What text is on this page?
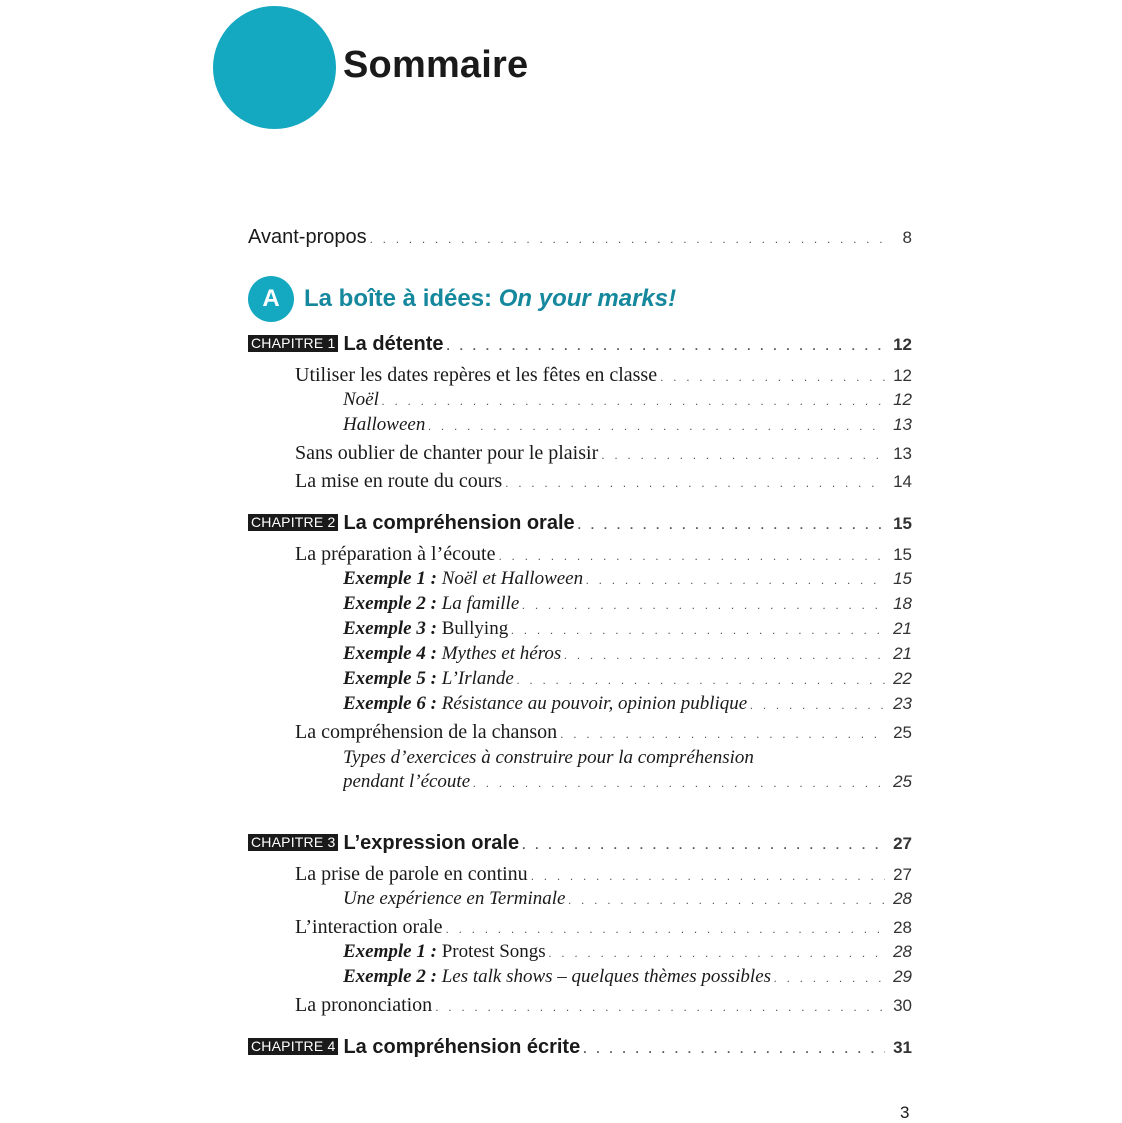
Sommaire
Avant-propos . . .	8
A	La boîte à idées: On your marks!
CHAPITRE 1 La détente . . .	12
Utiliser les dates repères et les fêtes en classe . . .	12
Noël . . .	12
Halloween . . .	13
Sans oublier de chanter pour le plaisir . . .	13
La mise en route du cours . . .	14
CHAPITRE 2 La compréhension orale . . .	15
La préparation à l’écoute . . .	15
Exemple 1 : Noël et Halloween . . .	15
Exemple 2 : La famille . . .	18
Exemple 3 : Bullying . . .	21
Exemple 4 : Mythes et héros . . .	21
Exemple 5 : L’Irlande . . .	22
Exemple 6 : Résistance au pouvoir, opinion publique . . .	23
La compréhension de la chanson . . .	25
Types d’exercices à construire pour la compréhension
pendant l’écoute . . .	25
CHAPITRE 3 L’expression orale . . .	27
La prise de parole en continu . . .	27
Une expérience en Terminale . . .	28
L’interaction orale . . .	28
Exemple 1 : Protest Songs . . .	28
Exemple 2 : Les talk shows – quelques thèmes possibles . . .	29
La prononciation . . .	30
CHAPITRE 4 La compréhension écrite . . .	31
3
